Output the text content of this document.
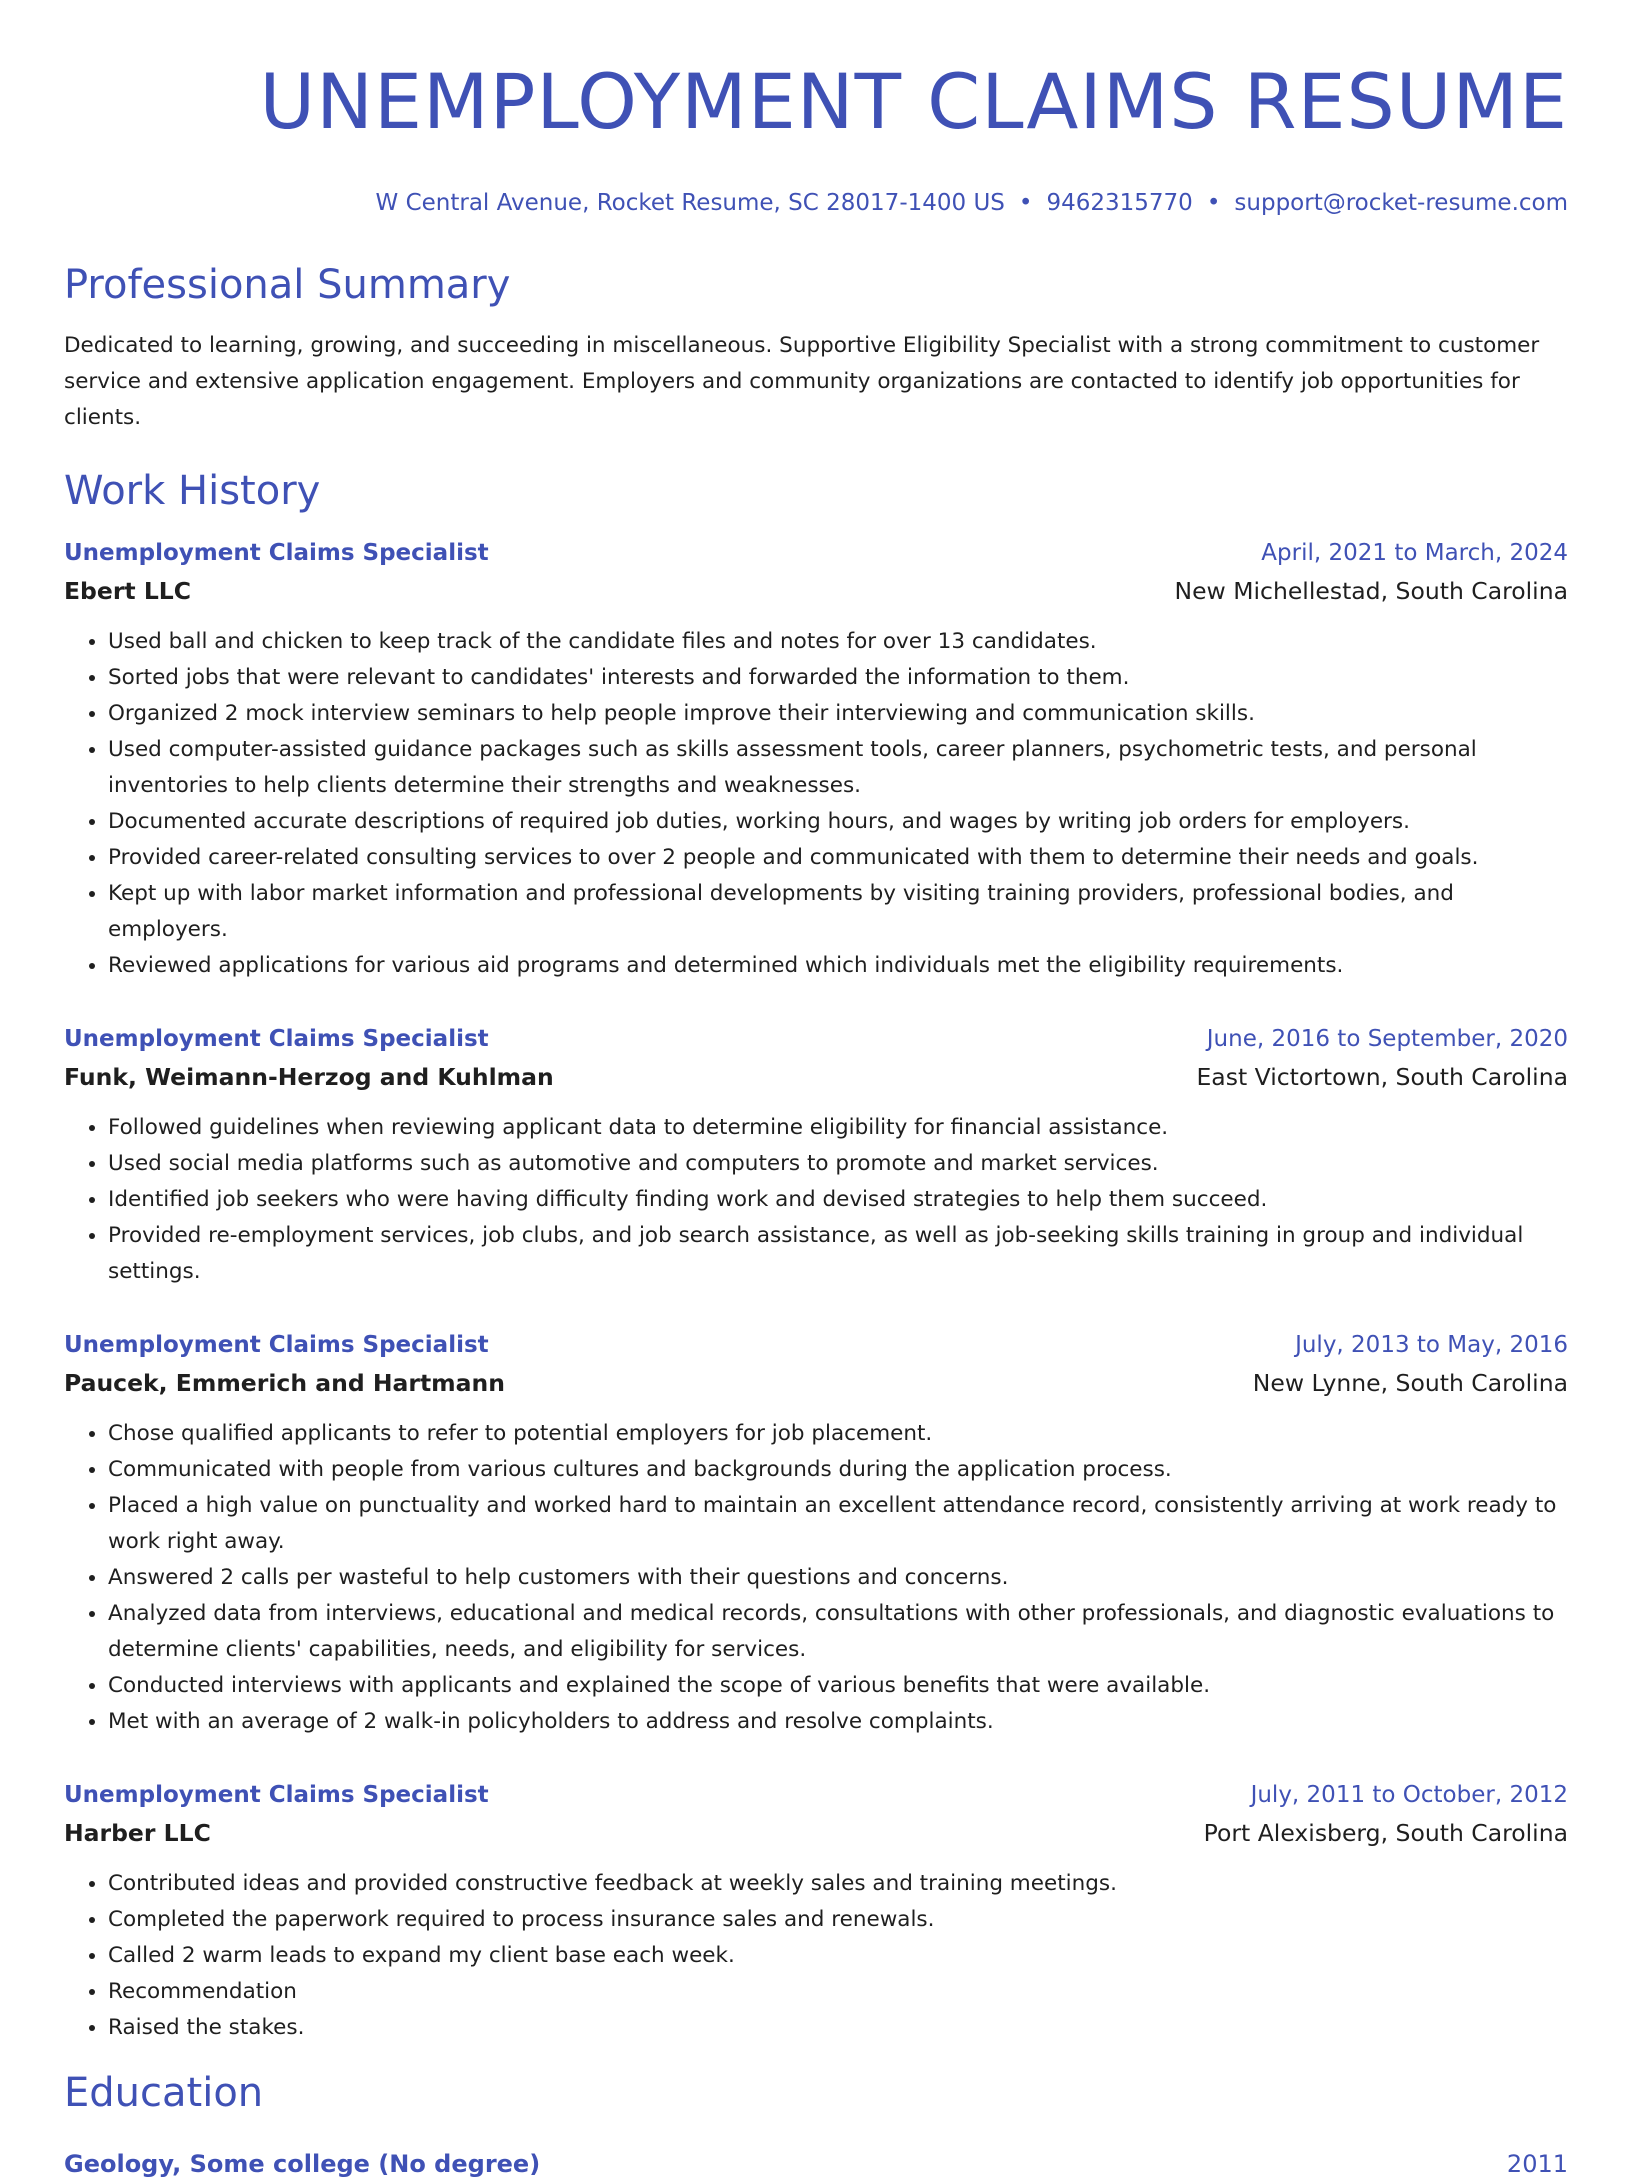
UNEMPLOYMENT CLAIMS RESUME
W Central Avenue, Rocket Resume, SC 28017-1400 US • 9462315770 • support@rocket-resume.com
Professional Summary
Dedicated to learning, growing, and succeeding in miscellaneous. Supportive Eligibility Specialist with a strong commitment to customer service and extensive application engagement. Employers and community organizations are contacted to identify job opportunities for clients.
Work History
Unemployment Claims Specialist	April, 2021 to March, 2024
Ebert LLC	New Michellestad, South Carolina
• Used ball and chicken to keep track of the candidate files and notes for over 13 candidates.
• Sorted jobs that were relevant to candidates' interests and forwarded the information to them.
• Organized 2 mock interview seminars to help people improve their interviewing and communication skills.
• Used computer-assisted guidance packages such as skills assessment tools, career planners, psychometric tests, and personal inventories to help clients determine their strengths and weaknesses.
• Documented accurate descriptions of required job duties, working hours, and wages by writing job orders for employers.
• Provided career-related consulting services to over 2 people and communicated with them to determine their needs and goals.
• Kept up with labor market information and professional developments by visiting training providers, professional bodies, and employers.
• Reviewed applications for various aid programs and determined which individuals met the eligibility requirements.
Unemployment Claims Specialist	June, 2016 to September, 2020
Funk, Weimann-Herzog and Kuhlman	East Victortown, South Carolina
• Followed guidelines when reviewing applicant data to determine eligibility for financial assistance.
• Used social media platforms such as automotive and computers to promote and market services.
• Identified job seekers who were having difficulty finding work and devised strategies to help them succeed.
• Provided re-employment services, job clubs, and job search assistance, as well as job-seeking skills training in group and individual settings.
Unemployment Claims Specialist	July, 2013 to May, 2016
Paucek, Emmerich and Hartmann	New Lynne, South Carolina
• Chose qualified applicants to refer to potential employers for job placement.
• Communicated with people from various cultures and backgrounds during the application process.
• Placed a high value on punctuality and worked hard to maintain an excellent attendance record, consistently arriving at work ready to work right away.
• Answered 2 calls per wasteful to help customers with their questions and concerns.
• Analyzed data from interviews, educational and medical records, consultations with other professionals, and diagnostic evaluations to determine clients' capabilities, needs, and eligibility for services.
• Conducted interviews with applicants and explained the scope of various benefits that were available.
• Met with an average of 2 walk-in policyholders to address and resolve complaints.
Unemployment Claims Specialist	July, 2011 to October, 2012
Harber LLC	Port Alexisberg, South Carolina
• Contributed ideas and provided constructive feedback at weekly sales and training meetings.
• Completed the paperwork required to process insurance sales and renewals.
• Called 2 warm leads to expand my client base each week.
• Recommendation
• Raised the stakes.
Education
Geology, Some college (No degree)	2011
